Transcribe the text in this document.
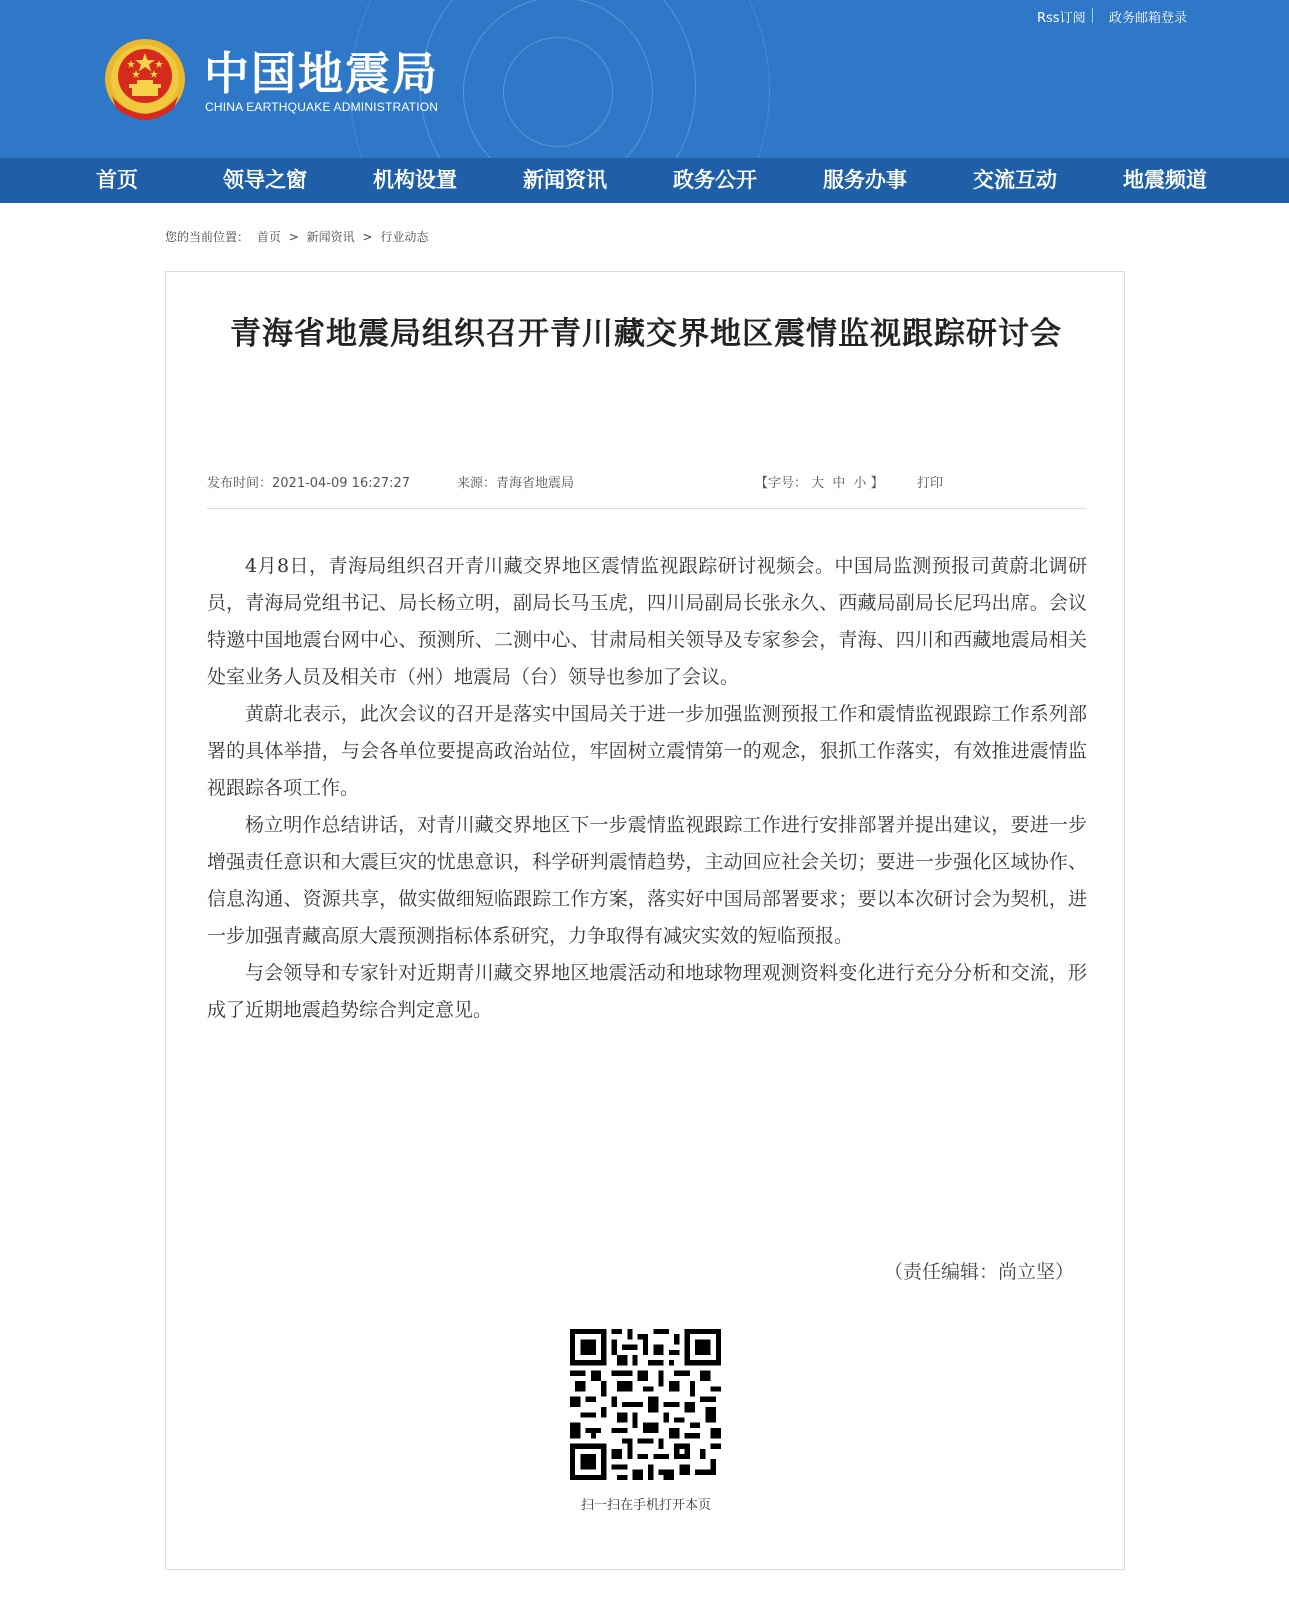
Rss订阅 政务邮箱登录
中国地震局
CHINA EARTHQUAKE ADMINISTRATION
首页	领导之窗	机构设置	新闻资讯	政务公开	服务办事	交流互动	地震频道
您的当前位置： 首页 > 新闻资讯 > 行业动态
青海省地震局组织召开青川藏交界地区震情监视跟踪研讨会
发布时间：2021-04-09 16:27:27	来源：青海省地震局	【字号： 大 中 小 】	打印

4月8日，青海局组织召开青川藏交界地区震情监视跟踪研讨视频会。中国局监测预报司黄蔚北调研员，青海局党组书记、局长杨立明，副局长马玉虎，四川局副局长张永久、西藏局副局长尼玛出席。会议特邀中国地震台网中心、预测所、二测中心、甘肃局相关领导及专家参会，青海、四川和西藏地震局相关处室业务人员及相关市（州）地震局（台）领导也参加了会议。

黄蔚北表示，此次会议的召开是落实中国局关于进一步加强监测预报工作和震情监视跟踪工作系列部署的具体举措，与会各单位要提高政治站位，牢固树立震情第一的观念，狠抓工作落实，有效推进震情监视跟踪各项工作。

杨立明作总结讲话，对青川藏交界地区下一步震情监视跟踪工作进行安排部署并提出建议，要进一步增强责任意识和大震巨灾的忧患意识，科学研判震情趋势，主动回应社会关切；要进一步强化区域协作、信息沟通、资源共享，做实做细短临跟踪工作方案，落实好中国局部署要求；要以本次研讨会为契机，进一步加强青藏高原大震预测指标体系研究，力争取得有减灾实效的短临预报。

与会领导和专家针对近期青川藏交界地区地震活动和地球物理观测资料变化进行充分分析和交流，形成了近期地震趋势综合判定意见。

（责任编辑：尚立坚）
扫一扫在手机打开本页
